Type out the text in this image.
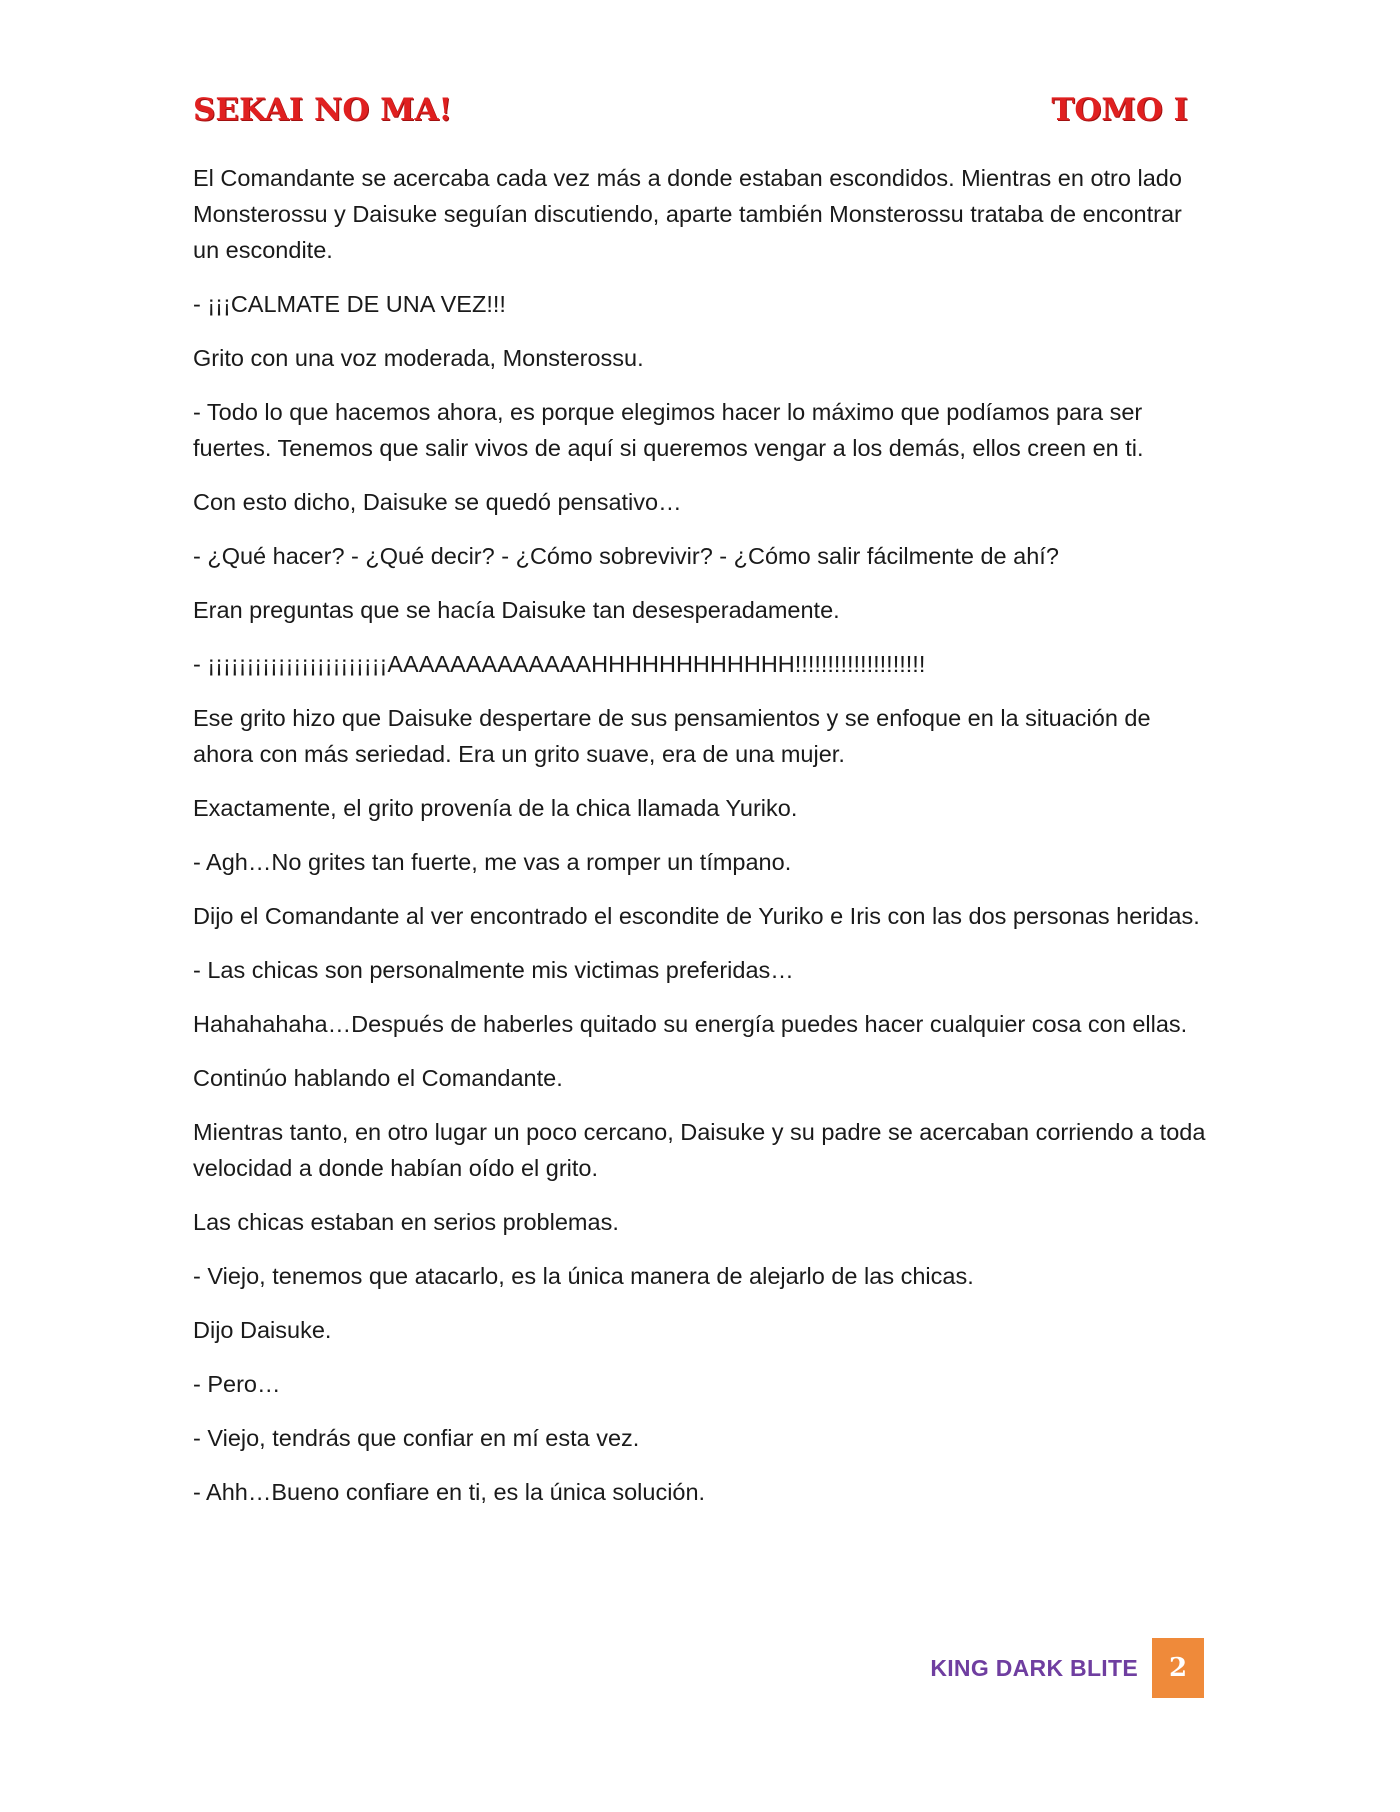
SEKAI NO MA!	TOMO I

El Comandante se acercaba cada vez más a donde estaban escondidos. Mientras en otro lado Monsterossu y Daisuke seguían discutiendo, aparte también Monsterossu trataba de encontrar un escondite.

- ¡¡¡CALMATE DE UNA VEZ!!!

Grito con una voz moderada, Monsterossu.

- Todo lo que hacemos ahora, es porque elegimos hacer lo máximo que podíamos para ser fuertes. Tenemos que salir vivos de aquí si queremos vengar a los demás, ellos creen en ti.

Con esto dicho, Daisuke se quedó pensativo…

- ¿Qué hacer? - ¿Qué decir? - ¿Cómo sobrevivir? - ¿Cómo salir fácilmente de ahí?

Eran preguntas que se hacía Daisuke tan desesperadamente.

- ¡¡¡¡¡¡¡¡¡¡¡¡¡¡¡¡¡¡¡¡¡¡¡AAAAAAAAAAAAAHHHHHHHHHHHH!!!!!!!!!!!!!!!!!!!!

Ese grito hizo que Daisuke despertare de sus pensamientos y se enfoque en la situación de ahora con más seriedad. Era un grito suave, era de una mujer.

Exactamente, el grito provenía de la chica llamada Yuriko.

- Agh…No grites tan fuerte, me vas a romper un tímpano.

Dijo el Comandante al ver encontrado el escondite de Yuriko e Iris con las dos personas heridas.

- Las chicas son personalmente mis victimas preferidas…

Hahahahaha…Después de haberles quitado su energía puedes hacer cualquier cosa con ellas.

Continúo hablando el Comandante.

Mientras tanto, en otro lugar un poco cercano, Daisuke y su padre se acercaban corriendo a toda velocidad a donde habían oído el grito.

Las chicas estaban en serios problemas.

- Viejo, tenemos que atacarlo, es la única manera de alejarlo de las chicas.

Dijo Daisuke.

- Pero…

- Viejo, tendrás que confiar en mí esta vez.

- Ahh…Bueno confiare en ti, es la única solución.

KING DARK BLITE 2
